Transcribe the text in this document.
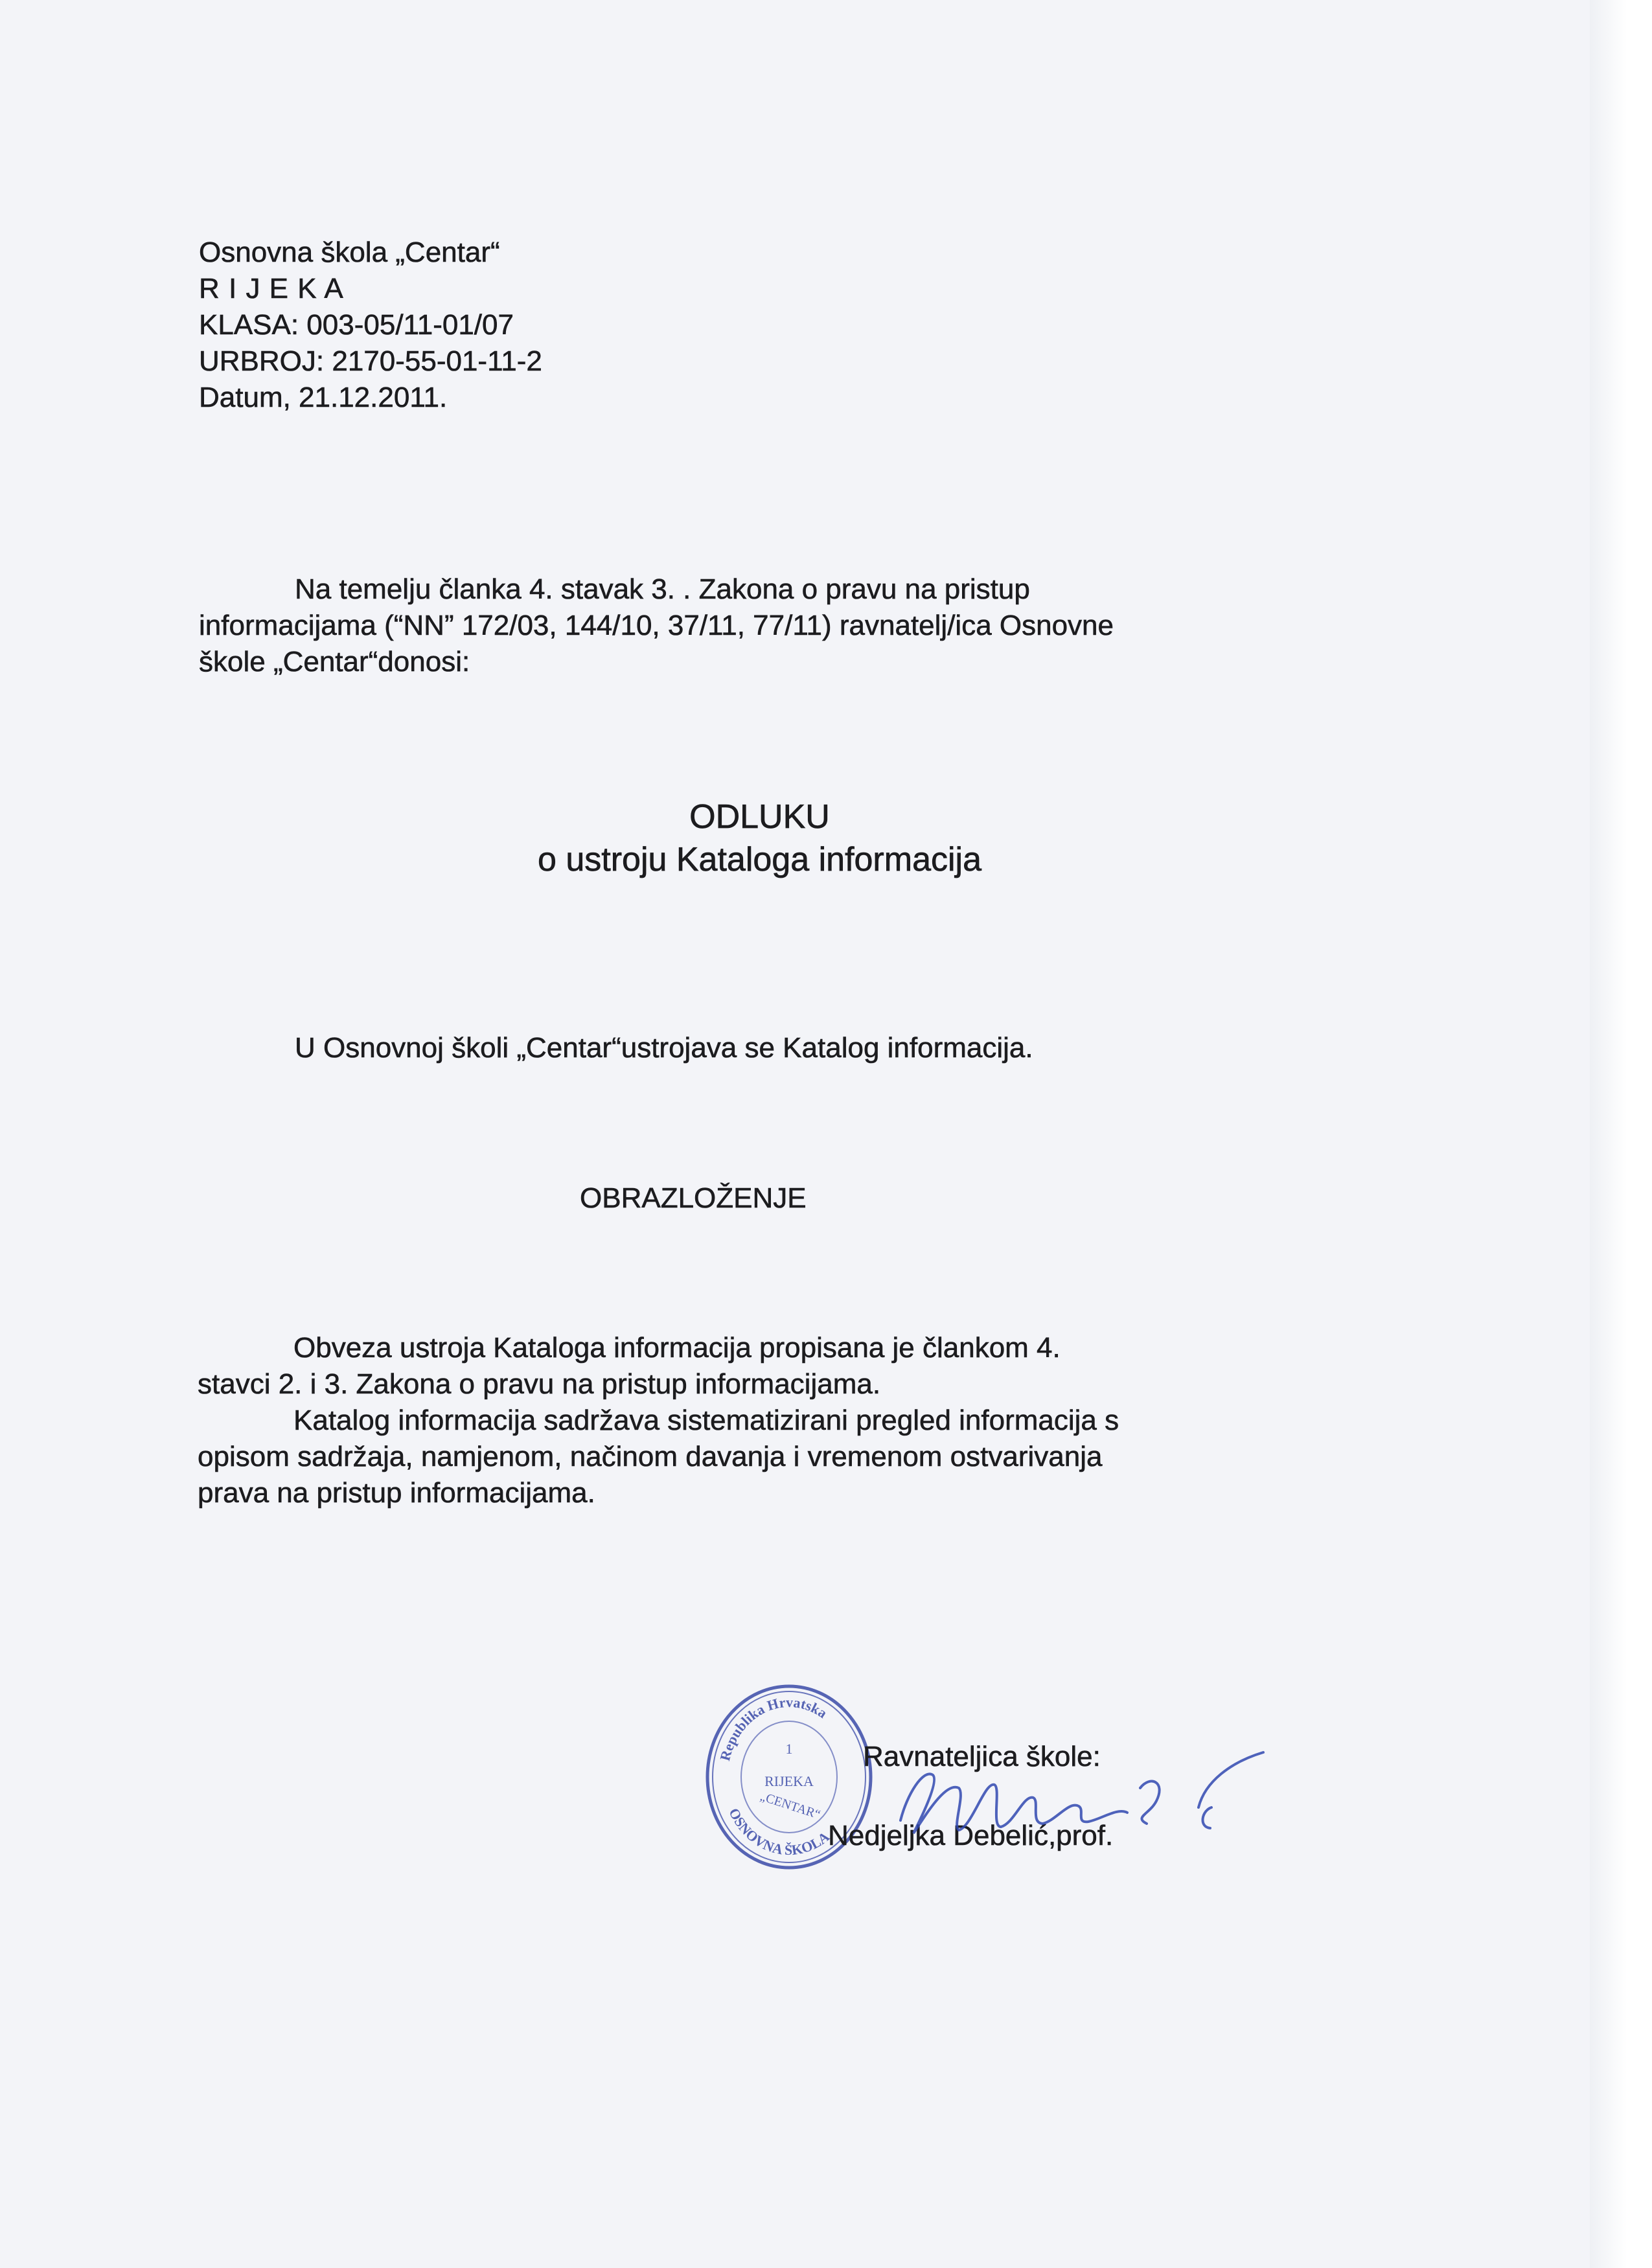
Osnovna škola „Centar“
R I J E K A
KLASA: 003-05/11-01/07
URBROJ: 2170-55-01-11-2
Datum, 21.12.2011.
Na temelju članka 4. stavak 3. . Zakona o pravu na pristup
informacijama (“NN” 172/03, 144/10, 37/11, 77/11) ravnatelj/ica Osnovne
škole „Centar“donosi:
ODLUKU
o ustroju Kataloga informacija
U Osnovnoj školi „Centar“ustrojava se Katalog informacija.
OBRAZLOŽENJE
Obveza ustroja Kataloga informacija propisana je člankom 4.
stavci 2. i 3. Zakona o pravu na pristup informacijama.
Katalog informacija sadržava sistematizirani pregled informacija s
opisom sadržaja, namjenom, načinom davanja i vremenom ostvarivanja
prava na pristup informacijama.
Republika Hrvatska
OSNOVNA ŠKOLA
1
RIJEKA
„CENTAR“
Ravnateljica škole:
Nedjeljka Debelić,prof.
